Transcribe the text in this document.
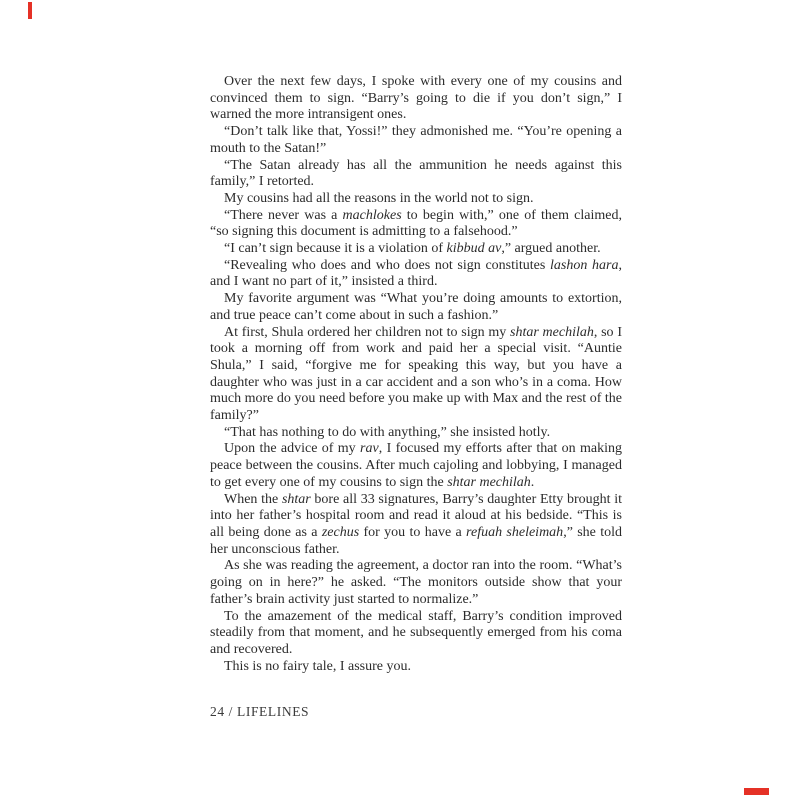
Over the next few days, I spoke with every one of my cousins and convinced them to sign. “Barry’s going to die if you don’t sign,” I warned the more intransigent ones.

“Don’t talk like that, Yossi!” they admonished me. “You’re opening a mouth to the Satan!”

“The Satan already has all the ammunition he needs against this family,” I retorted.

My cousins had all the reasons in the world not to sign.

“There never was a machlokes to begin with,” one of them claimed, “so signing this document is admitting to a falsehood.”

“I can’t sign because it is a violation of kibbud av,” argued another.

“Revealing who does and who does not sign constitutes lashon hara, and I want no part of it,” insisted a third.

My favorite argument was “What you’re doing amounts to extortion, and true peace can’t come about in such a fashion.”

At first, Shula ordered her children not to sign my shtar mechilah, so I took a morning off from work and paid her a special visit. “Auntie Shula,” I said, “forgive me for speaking this way, but you have a daughter who was just in a car accident and a son who’s in a coma. How much more do you need before you make up with Max and the rest of the family?”

“That has nothing to do with anything,” she insisted hotly.

Upon the advice of my rav, I focused my efforts after that on making peace between the cousins. After much cajoling and lobbying, I managed to get every one of my cousins to sign the shtar mechilah.

When the shtar bore all 33 signatures, Barry’s daughter Etty brought it into her father’s hospital room and read it aloud at his bedside. “This is all being done as a zechus for you to have a refuah sheleimah,” she told her unconscious father.

As she was reading the agreement, a doctor ran into the room. “What’s going on in here?” he asked. “The monitors outside show that your father’s brain activity just started to normalize.”

To the amazement of the medical staff, Barry’s condition improved steadily from that moment, and he subsequently emerged from his coma and recovered.

This is no fairy tale, I assure you.

24 / LIFELINES
